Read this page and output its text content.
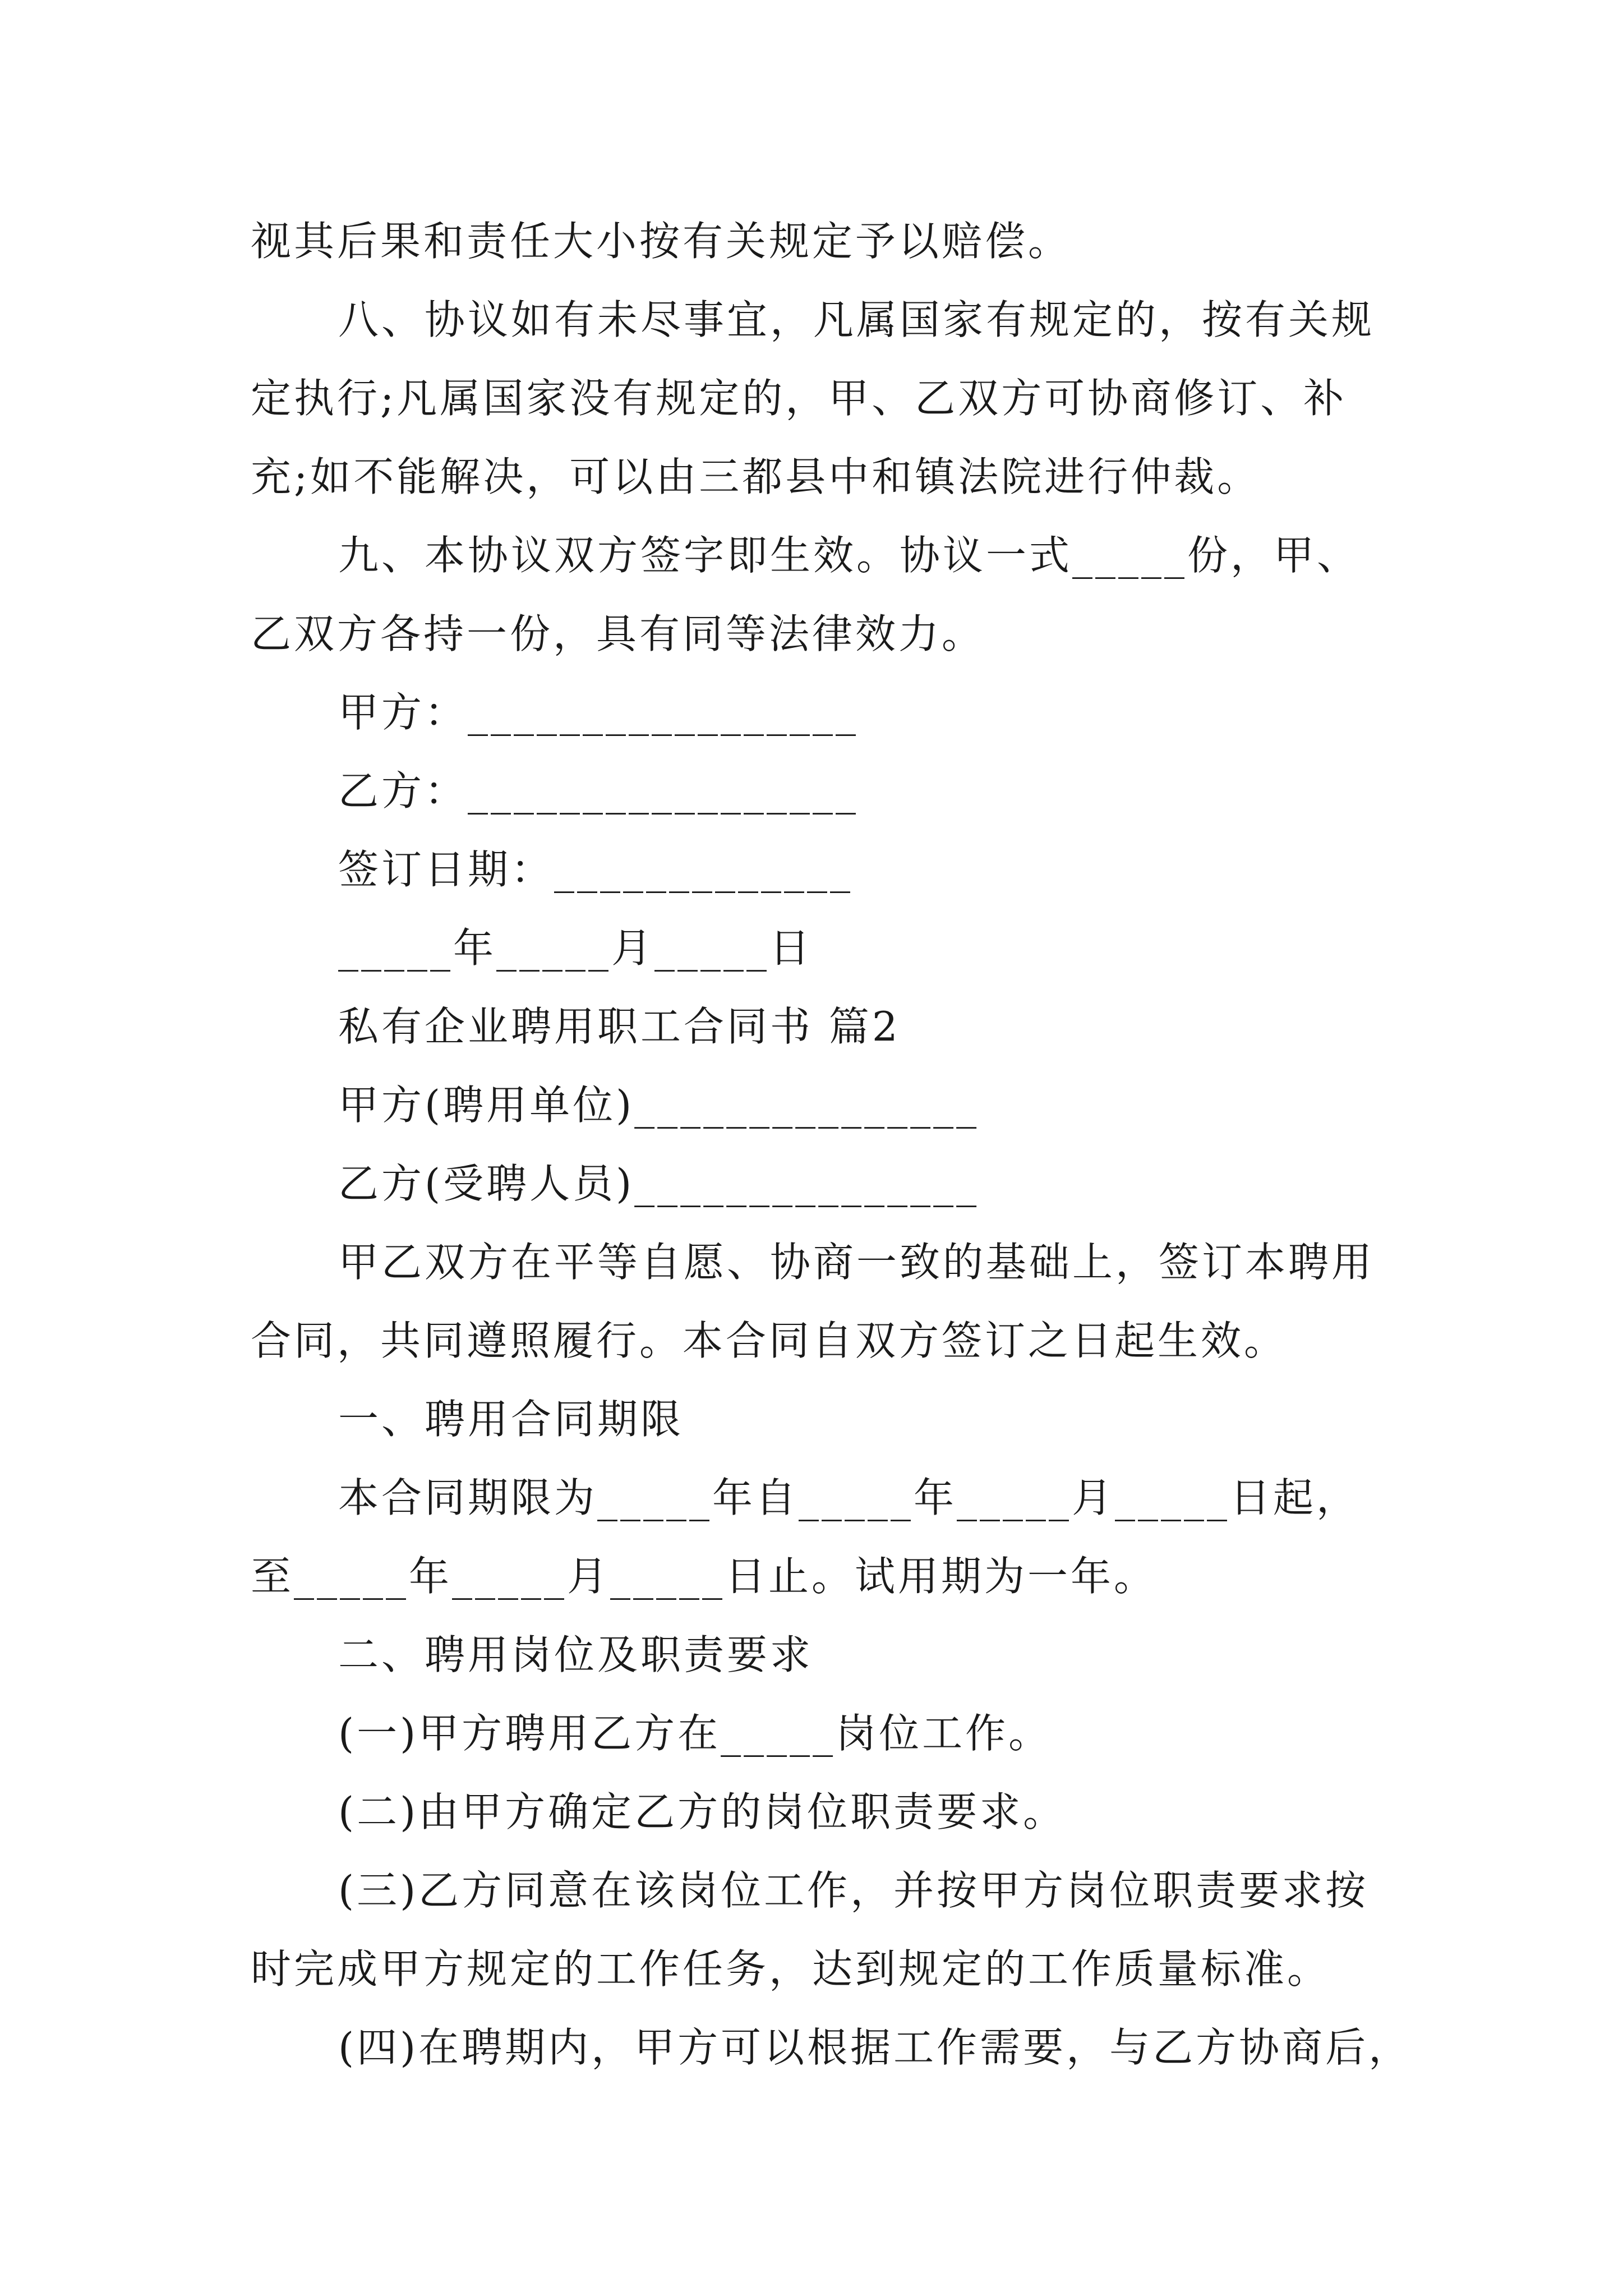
视其后果和责任大小按有关规定予以赔偿。
八、协议如有未尽事宜，凡属国家有规定的，按有关规
定执行;凡属国家没有规定的，甲、乙双方可协商修订、补
充;如不能解决，可以由三都县中和镇法院进行仲裁。
九、本协议双方签字即生效。协议一式_____份，甲、
乙双方各持一份，具有同等法律效力。
甲方：_________________
乙方：_________________
签订日期：_____________
_____年_____月_____日
私有企业聘用职工合同书 篇2
甲方(聘用单位)_______________
乙方(受聘人员)_______________
甲乙双方在平等自愿、协商一致的基础上，签订本聘用
合同，共同遵照履行。本合同自双方签订之日起生效。
一、聘用合同期限
本合同期限为_____年自_____年_____月_____日起，
至_____年_____月_____日止。试用期为一年。
二、聘用岗位及职责要求
(一)甲方聘用乙方在_____岗位工作。
(二)由甲方确定乙方的岗位职责要求。
(三)乙方同意在该岗位工作，并按甲方岗位职责要求按
时完成甲方规定的工作任务，达到规定的工作质量标准。
(四)在聘期内，甲方可以根据工作需要，与乙方协商后，
